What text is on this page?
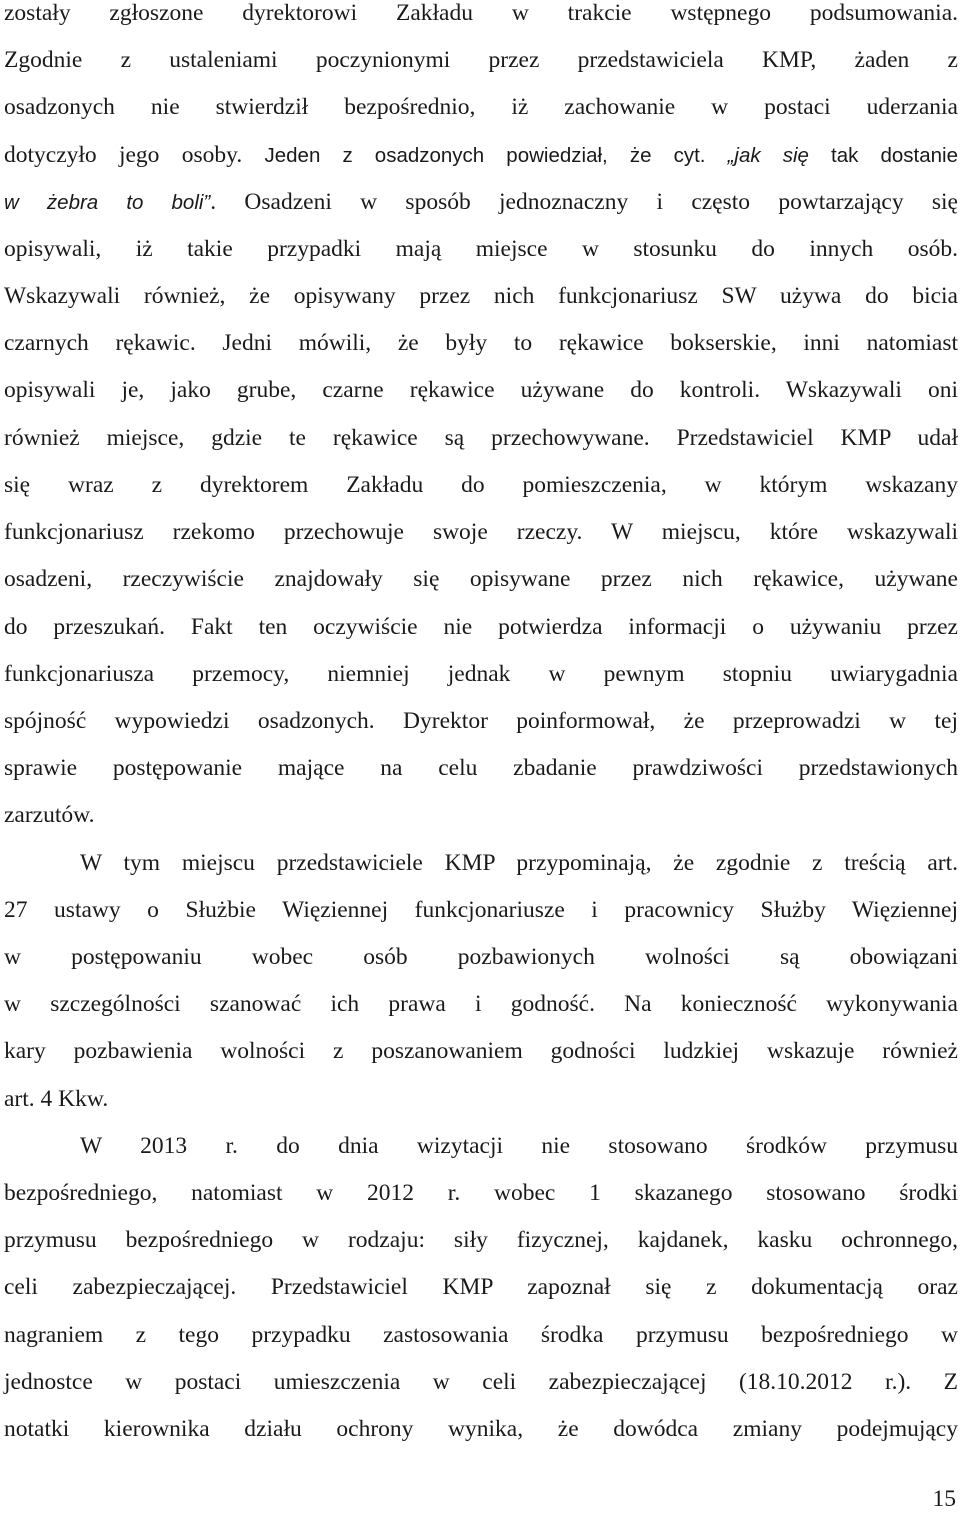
zostały zgłoszone dyrektorowi Zakładu w trakcie wstępnego podsumowania.
Zgodnie z ustaleniami poczynionymi przez przedstawiciela KMP, żaden z
osadzonych nie stwierdził bezpośrednio, iż zachowanie w postaci uderzania
dotyczyło jego osoby. Jeden z osadzonych powiedział, że cyt. „jak się tak dostanie
w żebra to boli”. Osadzeni w sposób jednoznaczny i często powtarzający się
opisywali, iż takie przypadki mają miejsce w stosunku do innych osób.
Wskazywali również, że opisywany przez nich funkcjonariusz SW używa do bicia
czarnych rękawic. Jedni mówili, że były to rękawice bokserskie, inni natomiast
opisywali je, jako grube, czarne rękawice używane do kontroli. Wskazywali oni
również miejsce, gdzie te rękawice są przechowywane. Przedstawiciel KMP udał
się wraz z dyrektorem Zakładu do pomieszczenia, w którym wskazany
funkcjonariusz rzekomo przechowuje swoje rzeczy. W miejscu, które wskazywali
osadzeni, rzeczywiście znajdowały się opisywane przez nich rękawice, używane
do przeszukań. Fakt ten oczywiście nie potwierdza informacji o używaniu przez
funkcjonariusza przemocy, niemniej jednak w pewnym stopniu uwiarygadnia
spójność wypowiedzi osadzonych. Dyrektor poinformował, że przeprowadzi w tej
sprawie postępowanie mające na celu zbadanie prawdziwości przedstawionych
zarzutów.
W tym miejscu przedstawiciele KMP przypominają, że zgodnie z treścią art.
27 ustawy o Służbie Więziennej funkcjonariusze i pracownicy Służby Więziennej
w postępowaniu wobec osób pozbawionych wolności są obowiązani
w szczególności szanować ich prawa i godność. Na konieczność wykonywania
kary pozbawienia wolności z poszanowaniem godności ludzkiej wskazuje również
art. 4 Kkw.
W 2013 r. do dnia wizytacji nie stosowano środków przymusu
bezpośredniego, natomiast w 2012 r. wobec 1 skazanego stosowano środki
przymusu bezpośredniego w rodzaju: siły fizycznej, kajdanek, kasku ochronnego,
celi zabezpieczającej. Przedstawiciel KMP zapoznał się z dokumentacją oraz
nagraniem z tego przypadku zastosowania środka przymusu bezpośredniego w
jednostce w postaci umieszczenia w celi zabezpieczającej (18.10.2012 r.). Z
notatki kierownika działu ochrony wynika, że dowódca zmiany podejmujący
15
